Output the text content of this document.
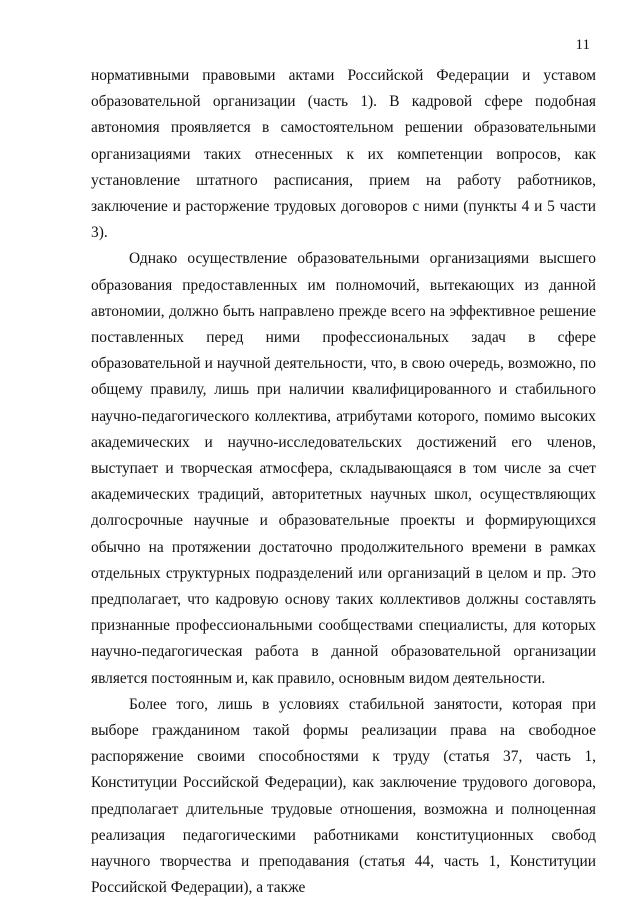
11

нормативными правовыми актами Российской Федерации и уставом образовательной организации (часть 1). В кадровой сфере подобная автономия проявляется в самостоятельном решении образовательными организациями таких отнесенных к их компетенции вопросов, как установление штатного расписания, прием на работу работников, заключение и расторжение трудовых договоров с ними (пункты 4 и 5 части 3).

Однако осуществление образовательными организациями высшего образования предоставленных им полномочий, вытекающих из данной автономии, должно быть направлено прежде всего на эффективное решение поставленных перед ними профессиональных задач в сфере образовательной и научной деятельности, что, в свою очередь, возможно, по общему правилу, лишь при наличии квалифицированного и стабильного научно-педагогического коллектива, атрибутами которого, помимо высоких академических и научно-исследовательских достижений его членов, выступает и творческая атмосфера, складывающаяся в том числе за счет академических традиций, авторитетных научных школ, осуществляющих долгосрочные научные и образовательные проекты и формирующихся обычно на протяжении достаточно продолжительного времени в рамках отдельных структурных подразделений или организаций в целом и пр. Это предполагает, что кадровую основу таких коллективов должны составлять признанные профессиональными сообществами специалисты, для которых научно-педагогическая работа в данной образовательной организации является постоянным и, как правило, основным видом деятельности.

Более того, лишь в условиях стабильной занятости, которая при выборе гражданином такой формы реализации права на свободное распоряжение своими способностями к труду (статья 37, часть 1, Конституции Российской Федерации), как заключение трудового договора, предполагает длительные трудовые отношения, возможна и полноценная реализация педагогическими работниками конституционных свобод научного творчества и преподавания (статья 44, часть 1, Конституции Российской Федерации), а также
